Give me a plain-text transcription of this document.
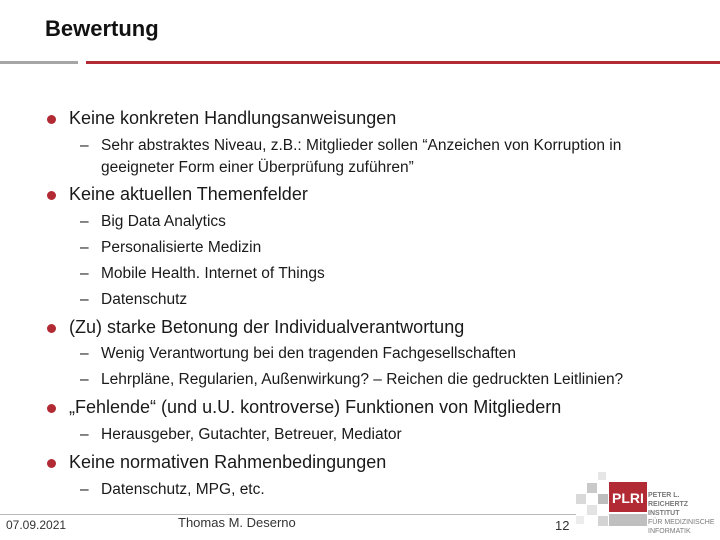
Bewertung
Keine konkreten Handlungsanweisungen
– Sehr abstraktes Niveau, z.B.: Mitglieder sollen “Anzeichen von Korruption in
geeigneter Form einer Überprüfung zuführen”
Keine aktuellen Themenfelder
– Big Data Analytics
– Personalisierte Medizin
– Mobile Health. Internet of Things
– Datenschutz
(Zu) starke Betonung der Individualverantwortung
– Wenig Verantwortung bei den tragenden Fachgesellschaften
– Lehrpläne, Regularien, Außenwirkung? – Reichen die gedruckten Leitlinien?
„Fehlende“ (und u.U. kontroverse) Funktionen von Mitgliedern
– Herausgeber, Gutachter, Betreuer, Mediator
Keine normativen Rahmenbedingungen
– Datenschutz, MPG, etc.
07.09.2021	Thomas M. Deserno	12
PLRI PETER L.
REICHERTZ INSTITUT
FÜR MEDIZINISCHE
INFORMATIK
